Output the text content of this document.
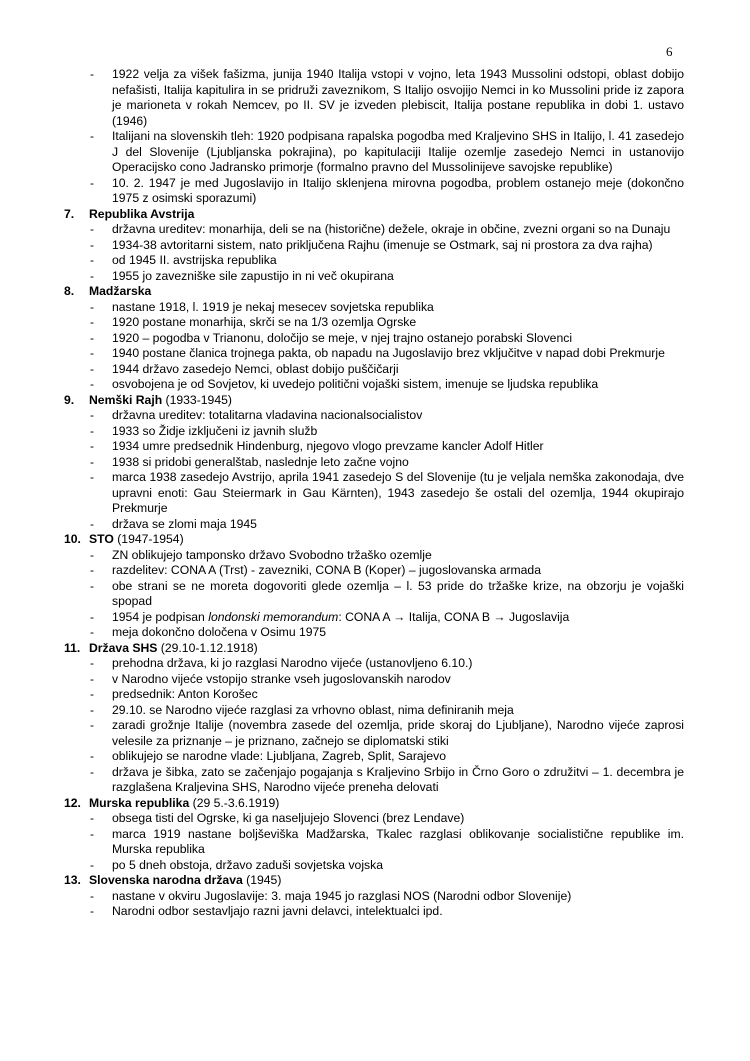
6
- 1922 velja za višek fašizma, junija 1940 Italija vstopi v vojno, leta 1943 Mussolini odstopi, oblast dobijo nefašisti, Italija kapitulira in se pridruži zaveznikom, S Italijo osvojijo Nemci in ko Mussolini pride iz zapora je marioneta v rokah Nemcev, po II. SV je izveden plebiscit, Italija postane republika in dobi 1. ustavo (1946)
- Italijani na slovenskih tleh: 1920 podpisana rapalska pogodba med Kraljevino SHS in Italijo, l. 41 zasedejo J del Slovenije (Ljubljanska pokrajina), po kapitulaciji Italije ozemlje zasedejo Nemci in ustanovijo Operacijsko cono Jadransko primorje (formalno pravno del Mussolinijeve savojske republike)
- 10. 2. 1947 je med Jugoslavijo in Italijo sklenjena mirovna pogodba, problem ostanejo meje (dokončno 1975 z osimski sporazumi)
7. Republika Avstrija
- državna ureditev: monarhija, deli se na (historične) dežele, okraje in občine, zvezni organi so na Dunaju
- 1934-38 avtoritarni sistem, nato priključena Rajhu (imenuje se Ostmark, saj ni prostora za dva rajha)
- od 1945 II. avstrijska republika
- 1955 jo zavezniške sile zapustijo in ni več okupirana
8. Madžarska
- nastane 1918, l. 1919 je nekaj mesecev sovjetska republika
- 1920 postane monarhija, skrči se na 1/3 ozemlja Ogrske
- 1920 – pogodba v Trianonu, določijo se meje, v njej trajno ostanejo porabski Slovenci
- 1940 postane članica trojnega pakta, ob napadu na Jugoslavijo brez vključitve v napad dobi Prekmurje
- 1944 državo zasedejo Nemci, oblast dobijo puščičarji
- osvobojena je od Sovjetov, ki uvedejo politični vojaški sistem, imenuje se ljudska republika
9. Nemški Rajh (1933-1945)
- državna ureditev: totalitarna vladavina nacionalsocialistov
- 1933 so Židje izključeni iz javnih služb
- 1934 umre predsednik Hindenburg, njegovo vlogo prevzame kancler Adolf Hitler
- 1938 si pridobi generalštab, naslednje leto začne vojno
- marca 1938 zasedejo Avstrijo, aprila 1941 zasedejo S del Slovenije (tu je veljala nemška zakonodaja, dve upravni enoti: Gau Steiermark in Gau Kärnten), 1943 zasedejo še ostali del ozemlja, 1944 okupirajo Prekmurje
- država se zlomi maja 1945
10. STO (1947-1954)
- ZN oblikujejo tamponsko državo Svobodno tržaško ozemlje
- razdelitev: CONA A (Trst) - zavezniki, CONA B (Koper) – jugoslovanska armada
- obe strani se ne moreta dogovoriti glede ozemlja – l. 53 pride do tržaške krize, na obzorju je vojaški spopad
- 1954 je podpisan londonski memorandum: CONA A → Italija, CONA B → Jugoslavija
- meja dokončno določena v Osimu 1975
11. Država SHS (29.10-1.12.1918)
- prehodna država, ki jo razglasi Narodno vijeće (ustanovljeno 6.10.)
- v Narodno vijeće vstopijo stranke vseh jugoslovanskih narodov
- predsednik: Anton Korošec
- 29.10. se Narodno vijeće razglasi za vrhovno oblast, nima definiranih meja
- zaradi grožnje Italije (novembra zasede del ozemlja, pride skoraj do Ljubljane), Narodno vijeće zaprosi velesile za priznanje – je priznano, začnejo se diplomatski stiki
- oblikujejo se narodne vlade: Ljubljana, Zagreb, Split, Sarajevo
- država je šibka, zato se začenjajo pogajanja s Kraljevino Srbijo in Črno Goro o združitvi – 1. decembra je razglašena Kraljevina SHS, Narodno vijeće preneha delovati
12. Murska republika (29 5.-3.6.1919)
- obsega tisti del Ogrske, ki ga naseljujejo Slovenci (brez Lendave)
- marca 1919 nastane boljševiška Madžarska, Tkalec razglasi oblikovanje socialistične republike im. Murska republika
- po 5 dneh obstoja, državo zaduši sovjetska vojska
13. Slovenska narodna država (1945)
- nastane v okviru Jugoslavije: 3. maja 1945 jo razglasi NOS (Narodni odbor Slovenije)
- Narodni odbor sestavljajo razni javni delavci, intelektualci ipd.
